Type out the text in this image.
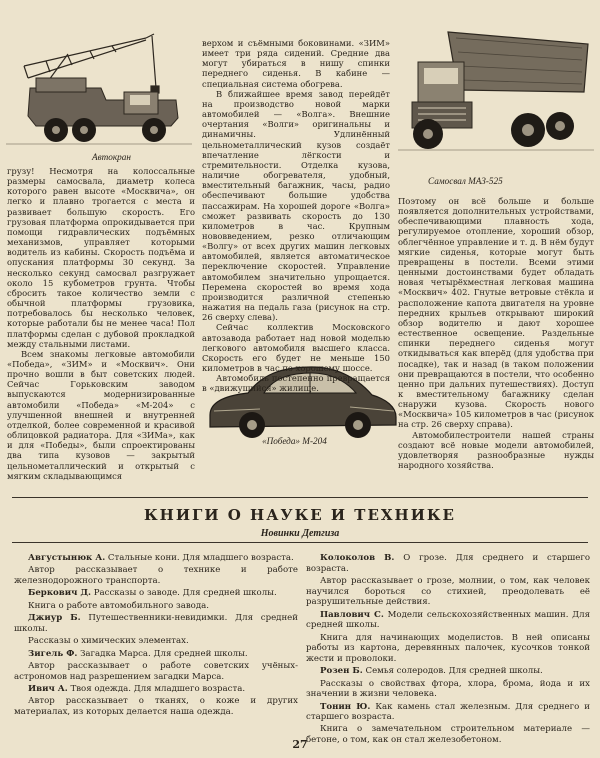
Автокран
Самосвал МАЗ-525
«Победа» М-204

грузу! Несмотря на колоссальные размеры самосвала, диаметр колеса которого равен высоте «Москвича», он легко и плавно трогается с места и развивает большую скорость. Его грузовая платформа опрокидывается при помощи гидравлических подъёмных механизмов, управляет которыми водитель из кабины. Скорость подъёма и опускания платформы 30 секунд. За несколько секунд самосвал разгружает около 15 кубометров грунта. Чтобы сбросить такое количество земли с обычной платформы грузовика, потребовалось бы несколько человек, которые работали бы не менее часа! Пол платформы сделан с дубовой прокладкой между стальными листами.

Всем знакомы легковые автомобили «Победа», «ЗИМ» и «Москвич». Они прочно вошли в быт советских людей. Сейчас Горьковским заводом выпускаются модернизированные автомобили «Победа» «М-204» с улучшенной внешней и внутренней отделкой, более современной и красивой облицовкой радиатора. Для «ЗИМа», как и для «Победы», были спроектированы два типа кузовов — закрытый цельнометаллический и открытый с мягким складывающимся

верхом и съёмными боковинами. «ЗИМ» имеет три ряда сидений. Средние два могут убираться в нишу спинки переднего сиденья. В кабине — специальная система обогрева.

В ближайшее время завод перейдёт на производство новой марки автомобилей — «Волга». Внешние очертания «Волги» оригинальны и динамичны. Удлинённый цельнометаллический кузов создаёт впечатление лёгкости и стремительности. Отделка кузова, наличие обогревателя, удобный, вместительный багажник, часы, радио обеспечивают большие удобства пассажирам. На хорошей дороге «Волга» сможет развивать скорость до 130 километров в час. Крупным нововведением, резко отличающим «Волгу» от всех других машин легковых автомобилей, является автоматическое переключение скоростей. Управление автомобилем значительно упрощается. Перемена скоростей во время хода производится различной степенью нажатия на педаль газа (рисунок на стр. 26 сверху слева).

Сейчас коллектив Московского автозавода работает над новой моделью легкового автомобиля высшего класса. Скорость его будет не меньше 150 километров в час по хорошему шоссе.

Автомобиль постепенно превращается в «движущийся» жилище.

Поэтому он всё больше и больше появляется дополнительных устройствами, обеспечивающими плавность хода, регулируемое отопление, хороший обзор, облегчённое управление и т. д. В нём будут мягкие сиденья, которые могут быть превращены в постели. Всеми этими ценными достоинствами будет обладать новая четырёхместная легковая машина «Москвич» 402. Гнутые ветровые стёкла и расположение капота двигателя на уровне передних крыльев открывают широкий обзор водителю и дают хорошее естественное освещение. Раздельные спинки переднего сиденья могут откидываться как вперёд (для удобства при посадке), так и назад (в таком положении они превращаются в постели, что особенно ценно при дальних путешествиях). Доступ к вместительному багажнику сделан снаружи кузова. Скорость нового «Москвича» 105 километров в час (рисунок на стр. 26 сверху справа).

Автомобилестроители нашей страны создают всё новые модели автомобилей, удовлетворяя разнообразные нужды народного хозяйства.

КНИГИ О НАУКЕ И ТЕХНИКЕ
Новинки Детгиза

Августынюк А. Стальные кони. Для младшего возраста.

Автор рассказывает о технике и работе железнодорожного транспорта.

Беркович Д. Рассказы о заводе. Для средней школы.

Книга о работе автомобильного завода.

Джиур Б. Путешественники-невидимки. Для средней школы.

Рассказы о химических элементах.

Зигель Ф. Загадка Марса. Для средней школы.

Автор рассказывает о работе советских учёных-астрономов над разрешением загадки Марса.

Ивич А. Твоя одежда. Для младшего возраста.

Автор рассказывает о тканях, о коже и других материалах, из которых делается наша одежда.

Колоколов В. О грозе. Для среднего и старшего возраста.

Автор рассказывает о грозе, молнии, о том, как человек научился бороться со стихией, преодолевать её разрушительные действия.

Павлович С. Модели сельскохозяйственных машин. Для средней школы.

Книга для начинающих моделистов. В ней описаны работы из картона, деревянных палочек, кусочков тонкой жести и проволоки.

Розен Б. Семья солеродов. Для средней школы.

Рассказы о свойствах фтора, хлора, брома, йода и их значении в жизни человека.

Тонин Ю. Как камень стал железным. Для среднего и старшего возраста.

Книга о замечательном строительном материале — бетоне, о том, как он стал железобетоном.

27
